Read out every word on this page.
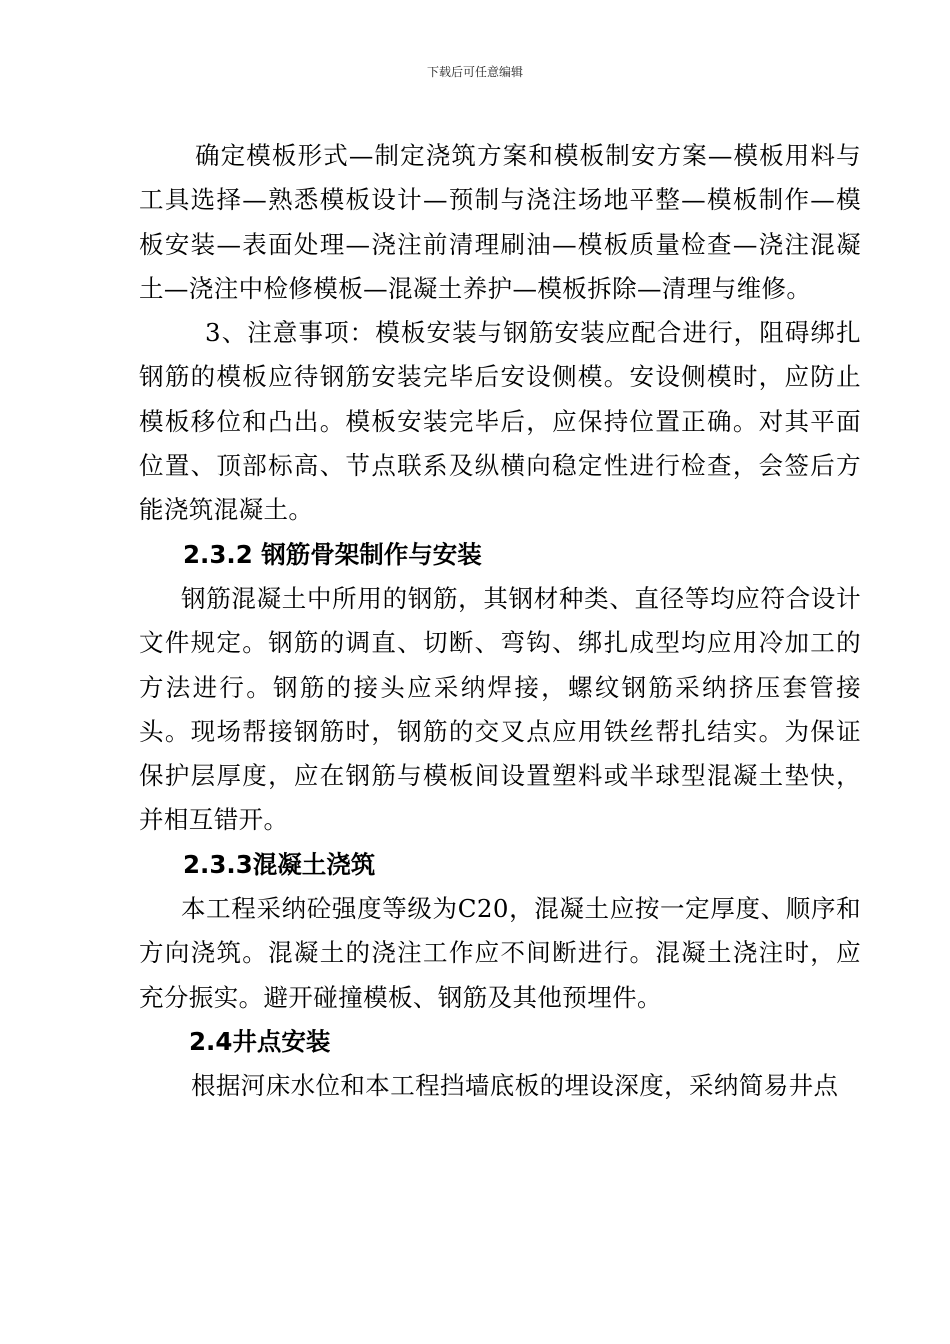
下载后可任意编辑

确定模板形式—制定浇筑方案和模板制安方案—模板用料与工具选择—熟悉模板设计—预制与浇注场地平整—模板制作—模板安装—表面处理—浇注前清理刷油—模板质量检查—浇注混凝土—浇注中检修模板—混凝土养护—模板拆除—清理与维修。

3、注意事项：模板安装与钢筋安装应配合进行，阻碍绑扎钢筋的模板应待钢筋安装完毕后安设侧模。安设侧模时，应防止模板移位和凸出。模板安装完毕后，应保持位置正确。对其平面位置、顶部标高、节点联系及纵横向稳定性进行检查，会签后方能浇筑混凝土。

2.3.2 钢筋骨架制作与安装

钢筋混凝土中所用的钢筋，其钢材种类、直径等均应符合设计文件规定。钢筋的调直、切断、弯钩、绑扎成型均应用冷加工的方法进行。钢筋的接头应采纳焊接，螺纹钢筋采纳挤压套管接头。现场帮接钢筋时，钢筋的交叉点应用铁丝帮扎结实。为保证保护层厚度，应在钢筋与模板间设置塑料或半球型混凝土垫快，并相互错开。

2.3.3混凝土浇筑

本工程采纳砼强度等级为C20，混凝土应按一定厚度、顺序和方向浇筑。混凝土的浇注工作应不间断进行。混凝土浇注时，应充分振实。避开碰撞模板、钢筋及其他预埋件。

2.4井点安装

根据河床水位和本工程挡墙底板的埋设深度，采纳简易井点
